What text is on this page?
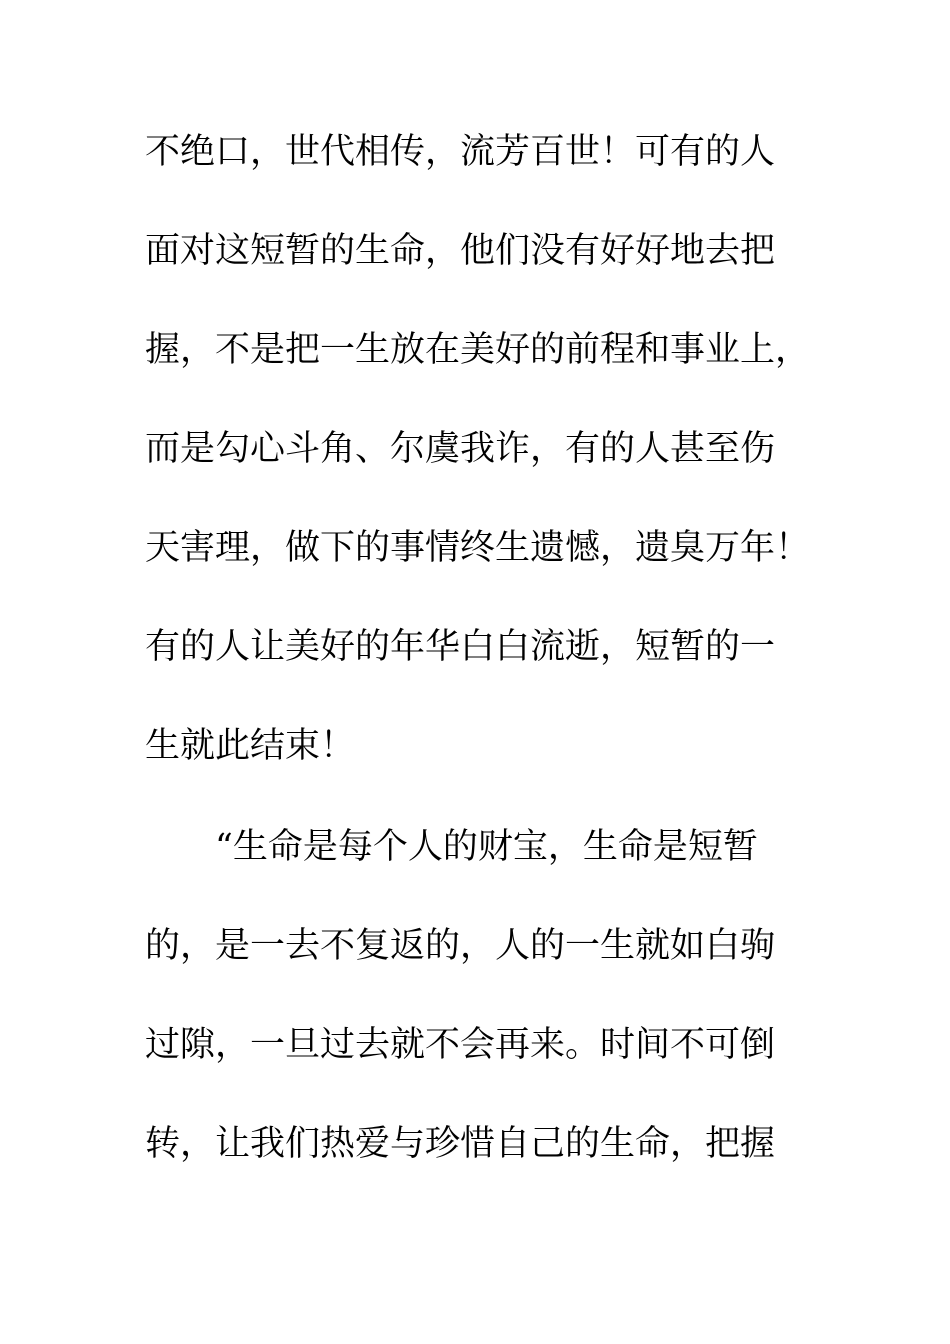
不绝口，世代相传，流芳百世！可有的人
面对这短暂的生命，他们没有好好地去把
握，不是把一生放在美好的前程和事业上，
而是勾心斗角、尔虞我诈，有的人甚至伤
天害理，做下的事情终生遗憾，遗臭万年！
有的人让美好的年华白白流逝，短暂的一
生就此结束！
“生命是每个人的财宝，生命是短暂
的，是一去不复返的，人的一生就如白驹
过隙，一旦过去就不会再来。时间不可倒
转，让我们热爱与珍惜自己的生命，把握
